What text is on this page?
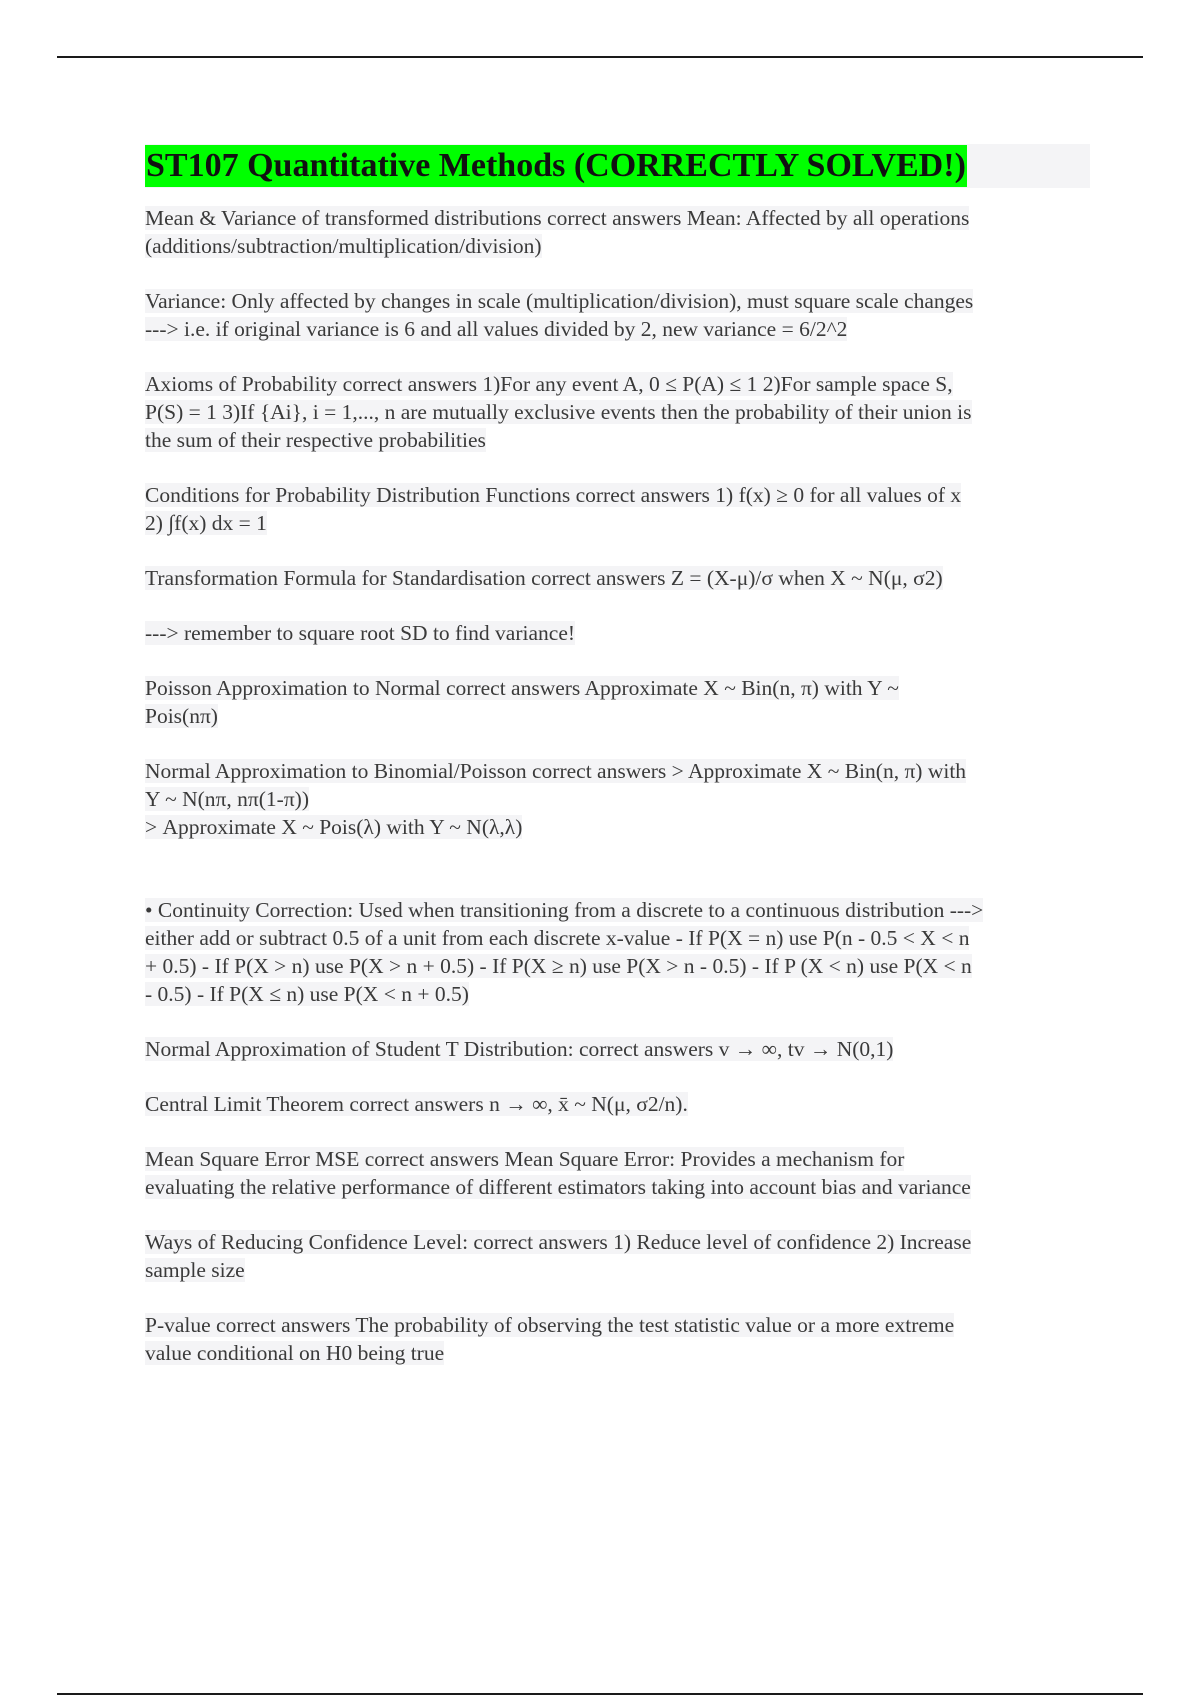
ST107 Quantitative Methods (CORRECTLY SOLVED!)

Mean & Variance of transformed distributions correct answers Mean: Affected by all operations
(additions/subtraction/multiplication/division)

Variance: Only affected by changes in scale (multiplication/division), must square scale changes
---> i.e. if original variance is 6 and all values divided by 2, new variance = 6/2^2

Axioms of Probability correct answers 1)For any event A, 0 ≤ P(A) ≤ 1 2)For sample space S,
P(S) = 1 3)If {Ai}, i = 1,..., n are mutually exclusive events then the probability of their union is
the sum of their respective probabilities

Conditions for Probability Distribution Functions correct answers 1) f(x) ≥ 0 for all values of x
2) ∫f(x) dx = 1

Transformation Formula for Standardisation correct answers Z = (X-μ)/σ when X ~ N(μ, σ2)

---> remember to square root SD to find variance!

Poisson Approximation to Normal correct answers Approximate X ~ Bin(n, π) with Y ~
Pois(nπ)

Normal Approximation to Binomial/Poisson correct answers > Approximate X ~ Bin(n, π) with
Y ~ N(nπ, nπ(1-π))
> Approximate X ~ Pois(λ) with Y ~ N(λ,λ)

• Continuity Correction: Used when transitioning from a discrete to a continuous distribution --->
either add or subtract 0.5 of a unit from each discrete x-value - If P(X = n) use P(n - 0.5 < X < n
+ 0.5) - If P(X > n) use P(X > n + 0.5) - If P(X ≥ n) use P(X > n - 0.5) - If P (X < n) use P(X < n
- 0.5) - If P(X ≤ n) use P(X < n + 0.5)

Normal Approximation of Student T Distribution: correct answers v → ∞, tv → N(0,1)

Central Limit Theorem correct answers n → ∞, x̄ ~ N(μ, σ2/n).

Mean Square Error MSE correct answers Mean Square Error: Provides a mechanism for
evaluating the relative performance of different estimators taking into account bias and variance

Ways of Reducing Confidence Level: correct answers 1) Reduce level of confidence 2) Increase
sample size

P-value correct answers The probability of observing the test statistic value or a more extreme
value conditional on H0 being true
